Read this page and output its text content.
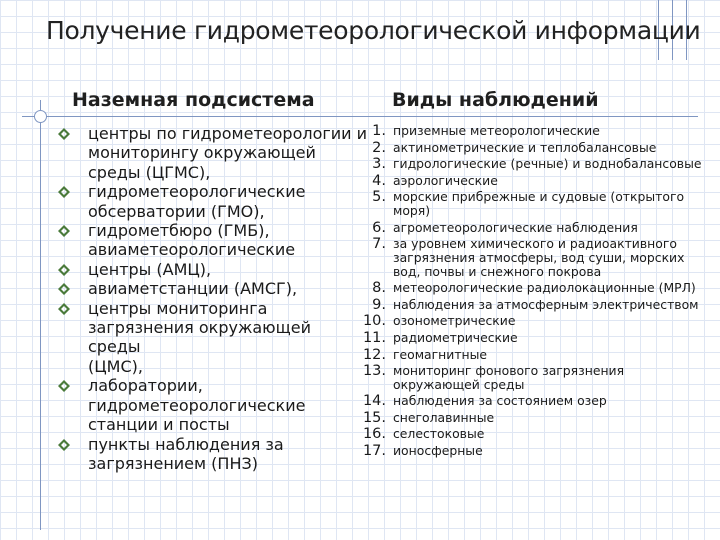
Получение гидрометеорологической информации
Наземная подсистема	Виды наблюдений
центры по гидрометеорологии и
мониторингу окружающей
среды (ЦГМС),
гидрометеорологические
обсерватории (ГМО),
гидрометбюро (ГМБ),
авиаметеорологические
центры (АМЦ),
авиаметстанции (АМСГ),
центры мониторинга
загрязнения окружающей среды
(ЦМС),
лаборатории,
гидрометеорологические
станции и посты
пункты наблюдения за
загрязнением (ПНЗ)
1. приземные метеорологические
2. актинометрические и теплобалансовые
3. гидрологические (речные) и воднобалансовые
4. аэрологические
5. морские прибрежные и судовые (открытого
моря)
6. агрометеорологические наблюдения
7. за уровнем химического и радиоактивного
загрязнения атмосферы, вод суши, морских
вод, почвы и снежного покрова
8. метеорологические радиолокационные (МРЛ)
9. наблюдения за атмосферным электричеством
10. озонометрические
11. радиометрические
12. геомагнитные
13. мониторинг фонового загрязнения
окружающей среды
14. наблюдения за состоянием озер
15. снеголавинные
16. селестоковые
17. ионосферные
